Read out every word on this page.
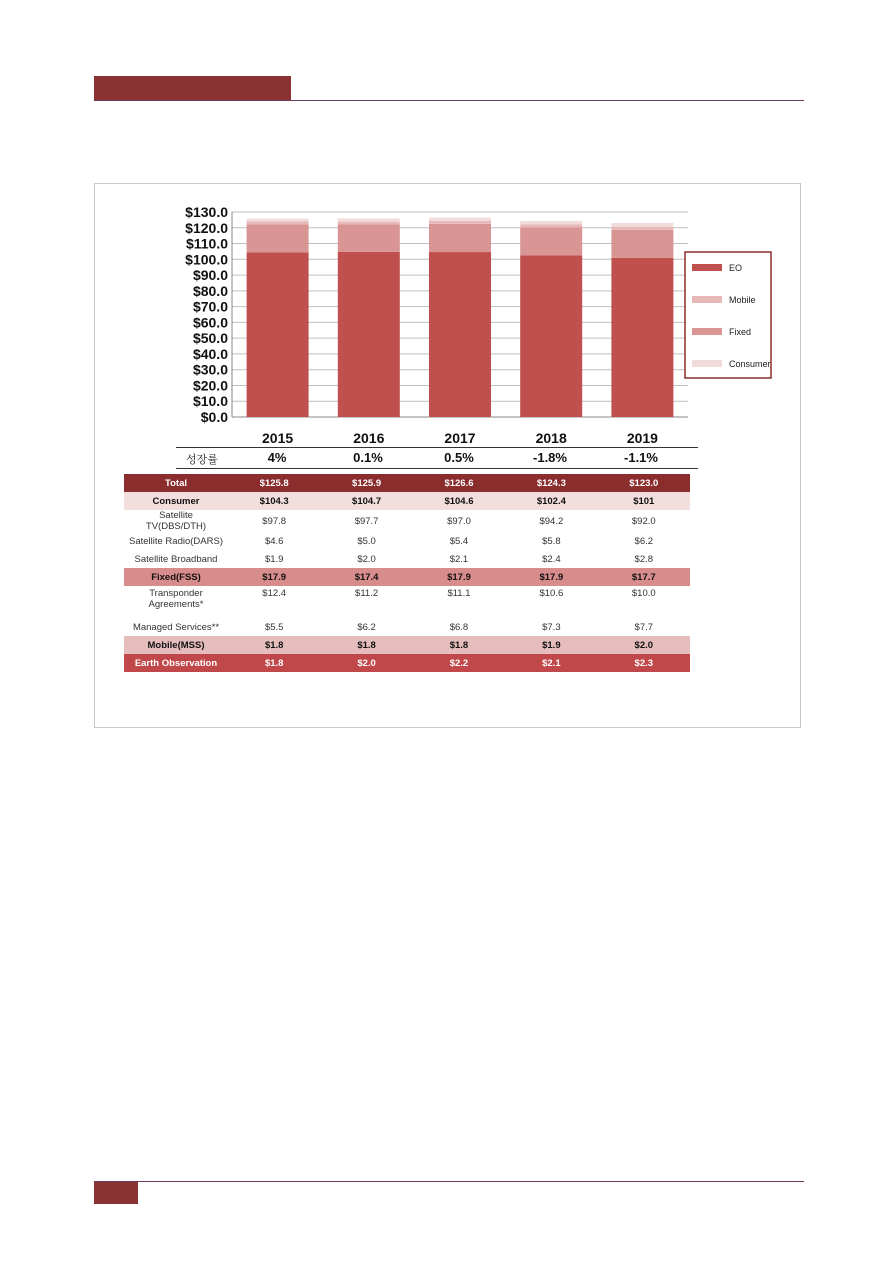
$0.0
$10.0
$20.0
$30.0
$40.0
$50.0
$60.0
$70.0
$80.0
$90.0
$100.0
$110.0
$120.0
$130.0
2015	2016	2017	2018	2019
EO
Mobile
Fixed
Consumer
성장률	4%	0.1%	0.5%	-1.8%	-1.1%
Total	$125.8	$125.9	$126.6	$124.3	$123.0
Consumer	$104.3	$104.7	$104.6	$102.4	$101
Satellite TV(DBS/DTH)	$97.8	$97.7	$97.0	$94.2	$92.0
Satellite Radio(DARS)	$4.6	$5.0	$5.4	$5.8	$6.2
Satellite Broadband	$1.9	$2.0	$2.1	$2.4	$2.8
Fixed(FSS)	$17.9	$17.4	$17.9	$17.9	$17.7
Transponder Agreements*	$12.4	$11.2	$11.1	$10.6	$10.0
Managed Services**	$5.5	$6.2	$6.8	$7.3	$7.7
Mobile(MSS)	$1.8	$1.8	$1.8	$1.9	$2.0
Earth Observation	$1.8	$2.0	$2.2	$2.1	$2.3
